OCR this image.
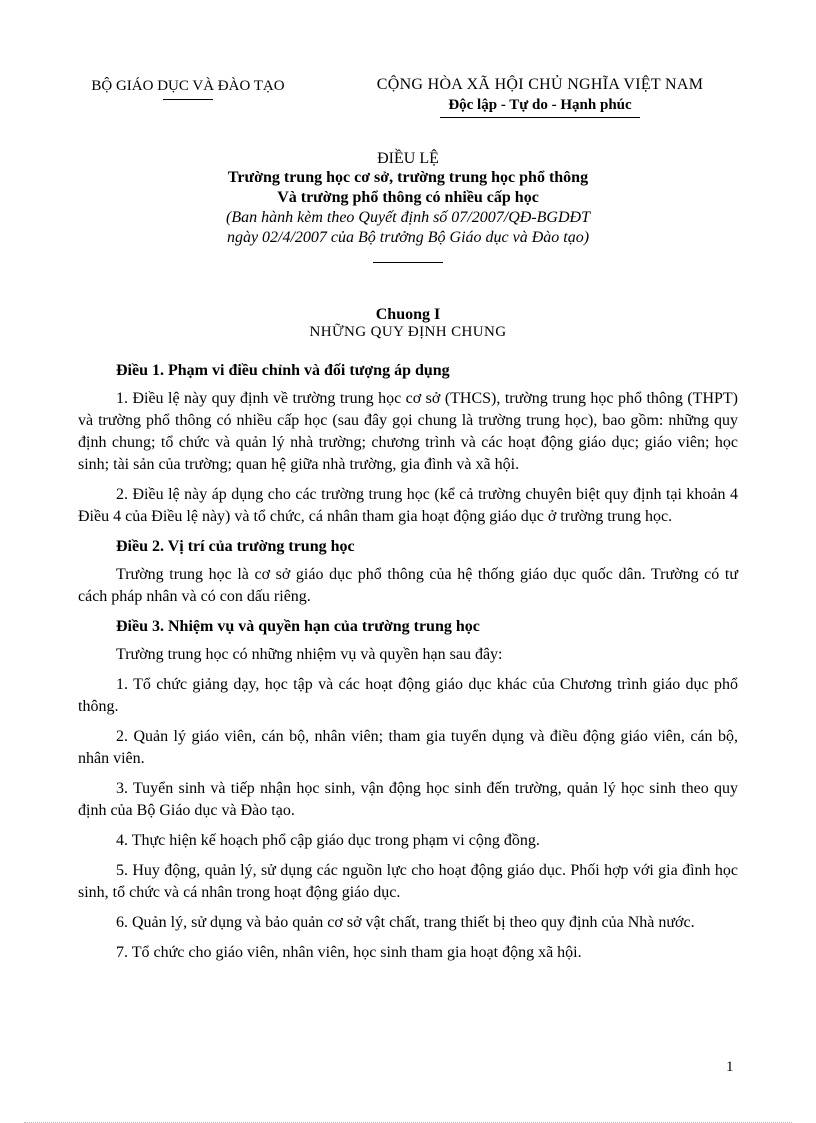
BỘ GIÁO DỤC VÀ ĐÀO TẠO	CỘNG HÒA XÃ HỘI CHỦ NGHĨA VIỆT NAM
Độc lập - Tự do - Hạnh phúc
ĐIỀU LỆ
Trường trung học cơ sở, trường trung học phổ thông
Và trường phổ thông có nhiều cấp học
(Ban hành kèm theo Quyết định số 07/2007/QĐ-BGDĐT
ngày 02/4/2007 của Bộ trưởng Bộ Giáo dục và Đào tạo)
Chuong I
NHỮNG QUY ĐỊNH CHUNG
Điều 1. Phạm vi điều chỉnh và đối tượng áp dụng

1. Điều lệ này quy định về trường trung học cơ sở (THCS), trường trung học phổ thông (THPT) và trường phổ thông có nhiều cấp học (sau đây gọi chung là trường trung học), bao gồm: những quy định chung; tổ chức và quản lý nhà trường; chương trình và các hoạt động giáo dục; giáo viên; học sinh; tài sản của trường; quan hệ giữa nhà trường, gia đình và xã hội.

2. Điều lệ này áp dụng cho các trường trung học (kể cả trường chuyên biệt quy định tại khoản 4 Điều 4 của Điều lệ này) và tổ chức, cá nhân tham gia hoạt động giáo dục ở trường trung học.

Điều 2. Vị trí của trường trung học

Trường trung học là cơ sở giáo dục phổ thông của hệ thống giáo dục quốc dân. Trường có tư cách pháp nhân và có con dấu riêng.

Điều 3. Nhiệm vụ và quyền hạn của trường trung học

Trường trung học có những nhiệm vụ và quyền hạn sau đây:

1. Tổ chức giảng dạy, học tập và các hoạt động giáo dục khác của Chương trình giáo dục phổ thông.

2. Quản lý giáo viên, cán bộ, nhân viên; tham gia tuyển dụng và điều động giáo viên, cán bộ, nhân viên.

3. Tuyển sinh và tiếp nhận học sinh, vận động học sinh đến trường, quản lý học sinh theo quy định của Bộ Giáo dục và Đào tạo.

4. Thực hiện kế hoạch phổ cập giáo dục trong phạm vi cộng đồng.

5. Huy động, quản lý, sử dụng các nguồn lực cho hoạt động giáo dục. Phối hợp với gia đình học sinh, tổ chức và cá nhân trong hoạt động giáo dục.

6. Quản lý, sử dụng và bảo quản cơ sở vật chất, trang thiết bị theo quy định của Nhà nước.

7. Tổ chức cho giáo viên, nhân viên, học sinh tham gia hoạt động xã hội.

1
